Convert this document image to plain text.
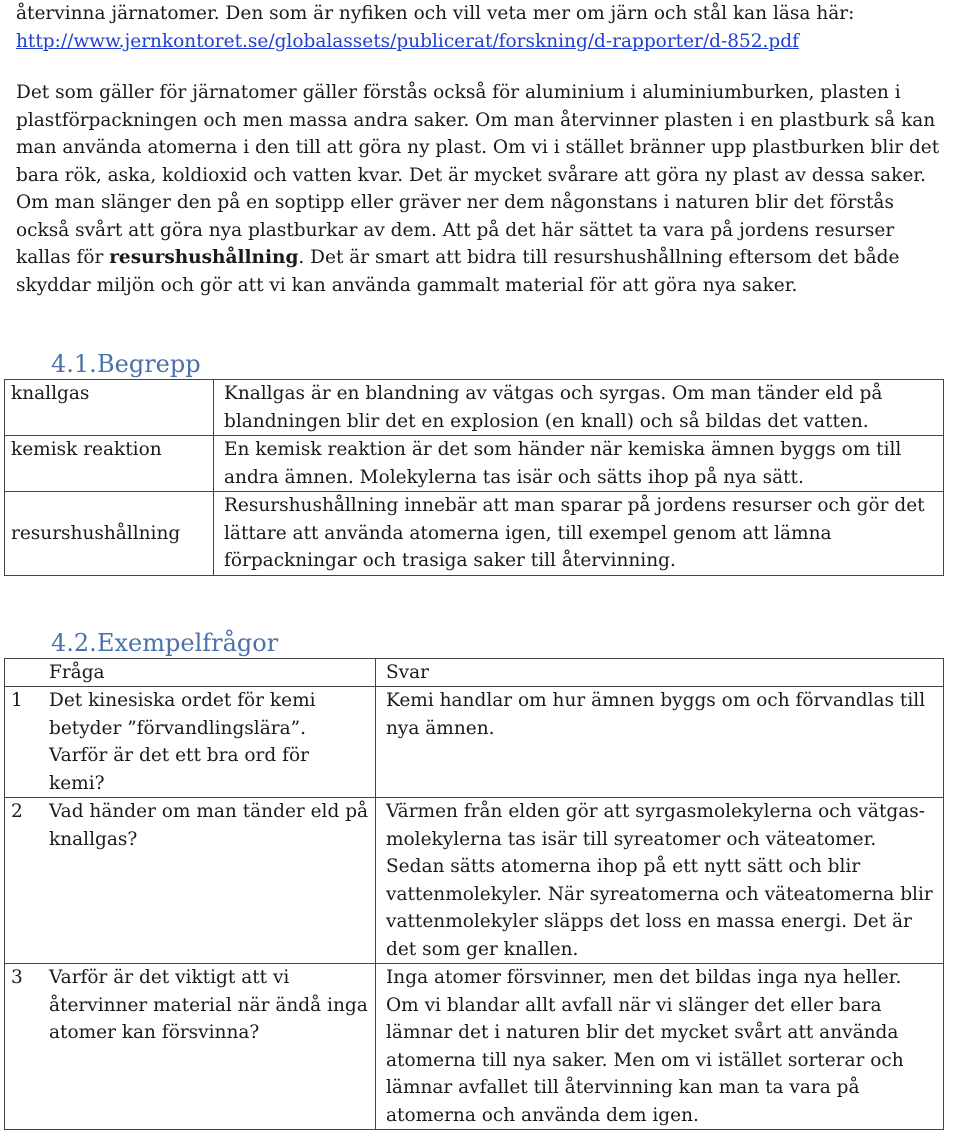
återvinna järnatomer. Den som är nyfiken och vill veta mer om järn och stål kan läsa här:
http://www.jernkontoret.se/globalassets/publicerat/forskning/d-rapporter/d-852.pdf

Det som gäller för järnatomer gäller förstås också för aluminium i aluminiumburken, plasten i plastförpackningen och men massa andra saker. Om man återvinner plasten i en plastburk så kan man använda atomerna i den till att göra ny plast. Om vi i stället bränner upp plastburken blir det bara rök, aska, koldioxid och vatten kvar. Det är mycket svårare att göra ny plast av dessa saker. Om man slänger den på en soptipp eller gräver ner dem någonstans i naturen blir det förstås också svårt att göra nya plastburkar av dem. Att på det här sättet ta vara på jordens resurser kallas för resurshushållning. Det är smart att bidra till resurshushållning eftersom det både skyddar miljön och gör att vi kan använda gammalt material för att göra nya saker.

4.1.Begrepp
knallgas	Knallgas är en blandning av vätgas och syrgas. Om man tänder eld på blandningen blir det en explosion (en knall) och så bildas det vatten.
kemisk reaktion	En kemisk reaktion är det som händer när kemiska ämnen byggs om till andra ämnen. Molekylerna tas isär och sätts ihop på nya sätt.
resurshushållning	Resurshushållning innebär att man sparar på jordens resurser och gör det lättare att använda atomerna igen, till exempel genom att lämna förpackningar och trasiga saker till återvinning.
4.2.Exempelfrågor
	Fråga	Svar
1	Det kinesiska ordet för kemi betyder ”förvandlingslära”. Varför är det ett bra ord för kemi?	Kemi handlar om hur ämnen byggs om och förvandlas till nya ämnen.
2	Vad händer om man tänder eld på knallgas?	Värmen från elden gör att syrgasmolekylerna och vätgas-molekylerna tas isär till syreatomer och väteatomer. Sedan sätts atomerna ihop på ett nytt sätt och blir vattenmolekyler. När syreatomerna och väteatomerna blir vattenmolekyler släpps det loss en massa energi. Det är det som ger knallen.
3	Varför är det viktigt att vi återvinner material när ändå inga atomer kan försvinna?	Inga atomer försvinner, men det bildas inga nya heller. Om vi blandar allt avfall när vi slänger det eller bara lämnar det i naturen blir det mycket svårt att använda atomerna till nya saker. Men om vi istället sorterar och lämnar avfallet till återvinning kan man ta vara på atomerna och använda dem igen.
